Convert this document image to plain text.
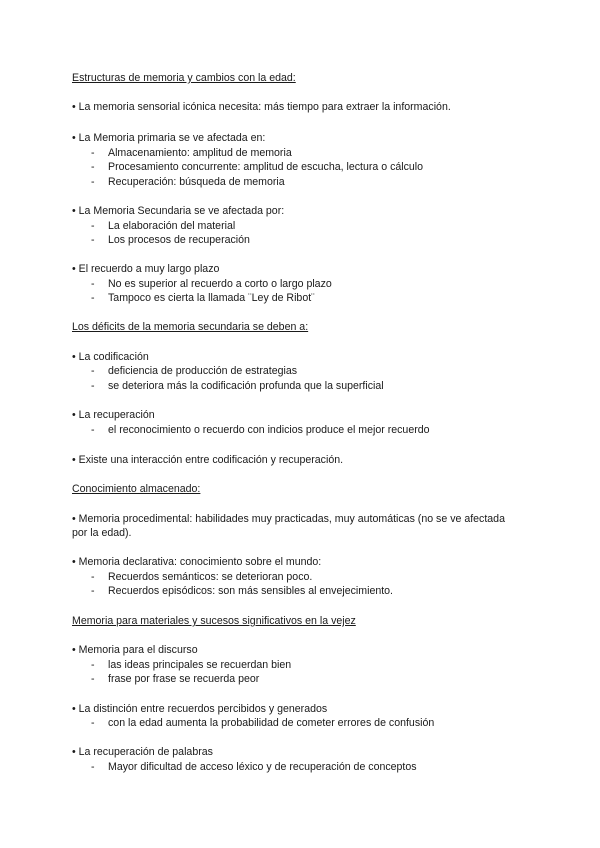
Estructuras de memoria y cambios con la edad:
• La memoria sensorial icónica necesita: más tiempo para extraer la información.
• La Memoria primaria se ve afectada en:
- Almacenamiento: amplitud de memoria
- Procesamiento concurrente: amplitud de escucha, lectura o cálculo
- Recuperación: búsqueda de memoria
• La Memoria Secundaria se ve afectada por:
- La elaboración del material
- Los procesos de recuperación
• El recuerdo a muy largo plazo
- No es superior al recuerdo a corto o largo plazo
- Tampoco es cierta la llamada ¨Ley de Ribot¨
Los déficits de la memoria secundaria se deben a:
• La codificación
- deficiencia de producción de estrategias
- se deteriora más la codificación profunda que la superficial
• La recuperación
- el reconocimiento o recuerdo con indicios produce el mejor recuerdo
• Existe una interacción entre codificación y recuperación.
Conocimiento almacenado:
• Memoria procedimental: habilidades muy practicadas, muy automáticas (no se ve afectada
por la edad).
• Memoria declarativa: conocimiento sobre el mundo:
- Recuerdos semánticos: se deterioran poco.
- Recuerdos episódicos: son más sensibles al envejecimiento.
Memoria para materiales y sucesos significativos en la vejez
• Memoria para el discurso
- las ideas principales se recuerdan bien
- frase por frase se recuerda peor
• La distinción entre recuerdos percibidos y generados
- con la edad aumenta la probabilidad de cometer errores de confusión
• La recuperación de palabras
- Mayor dificultad de acceso léxico y de recuperación de conceptos
